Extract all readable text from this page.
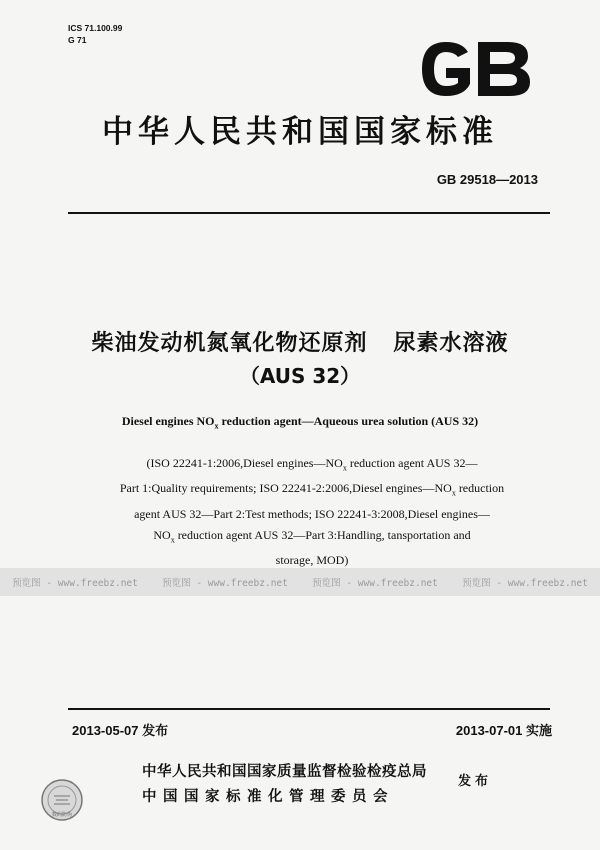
ICS 71.100.99
G 71
中华人民共和国国家标准
GB 29518—2013
柴油发动机氮氧化物还原剂   尿素水溶液
（AUS 32）
Diesel engines $NO_x$ reduction agent—Aqueous urea solution (AUS 32)
(ISO 22241-1:2006,Diesel $engines—NO_x$ reduction agent AUS 32—
Part 1:Quality requirements; ISO 22241-2:2006,Diesel $engines—NO_x$ reduction
agent AUS 32—Part 2:Test methods; ISO 22241-3:2008,Diesel engines—
$NO_x$ reduction agent AUS 32—Part 3:Handling, tansportation and
storage, MOD)
预览图 - www.freebz.net	预览图 - www.freebz.net	预览图 - www.freebz.net	预览图 - www.freebz.net
2013-05-07 发布	2013-07-01 实施
数码防伪
中华人民共和国国家质量监督检验检疫总局
中国国家标准化管理委员会
发布
